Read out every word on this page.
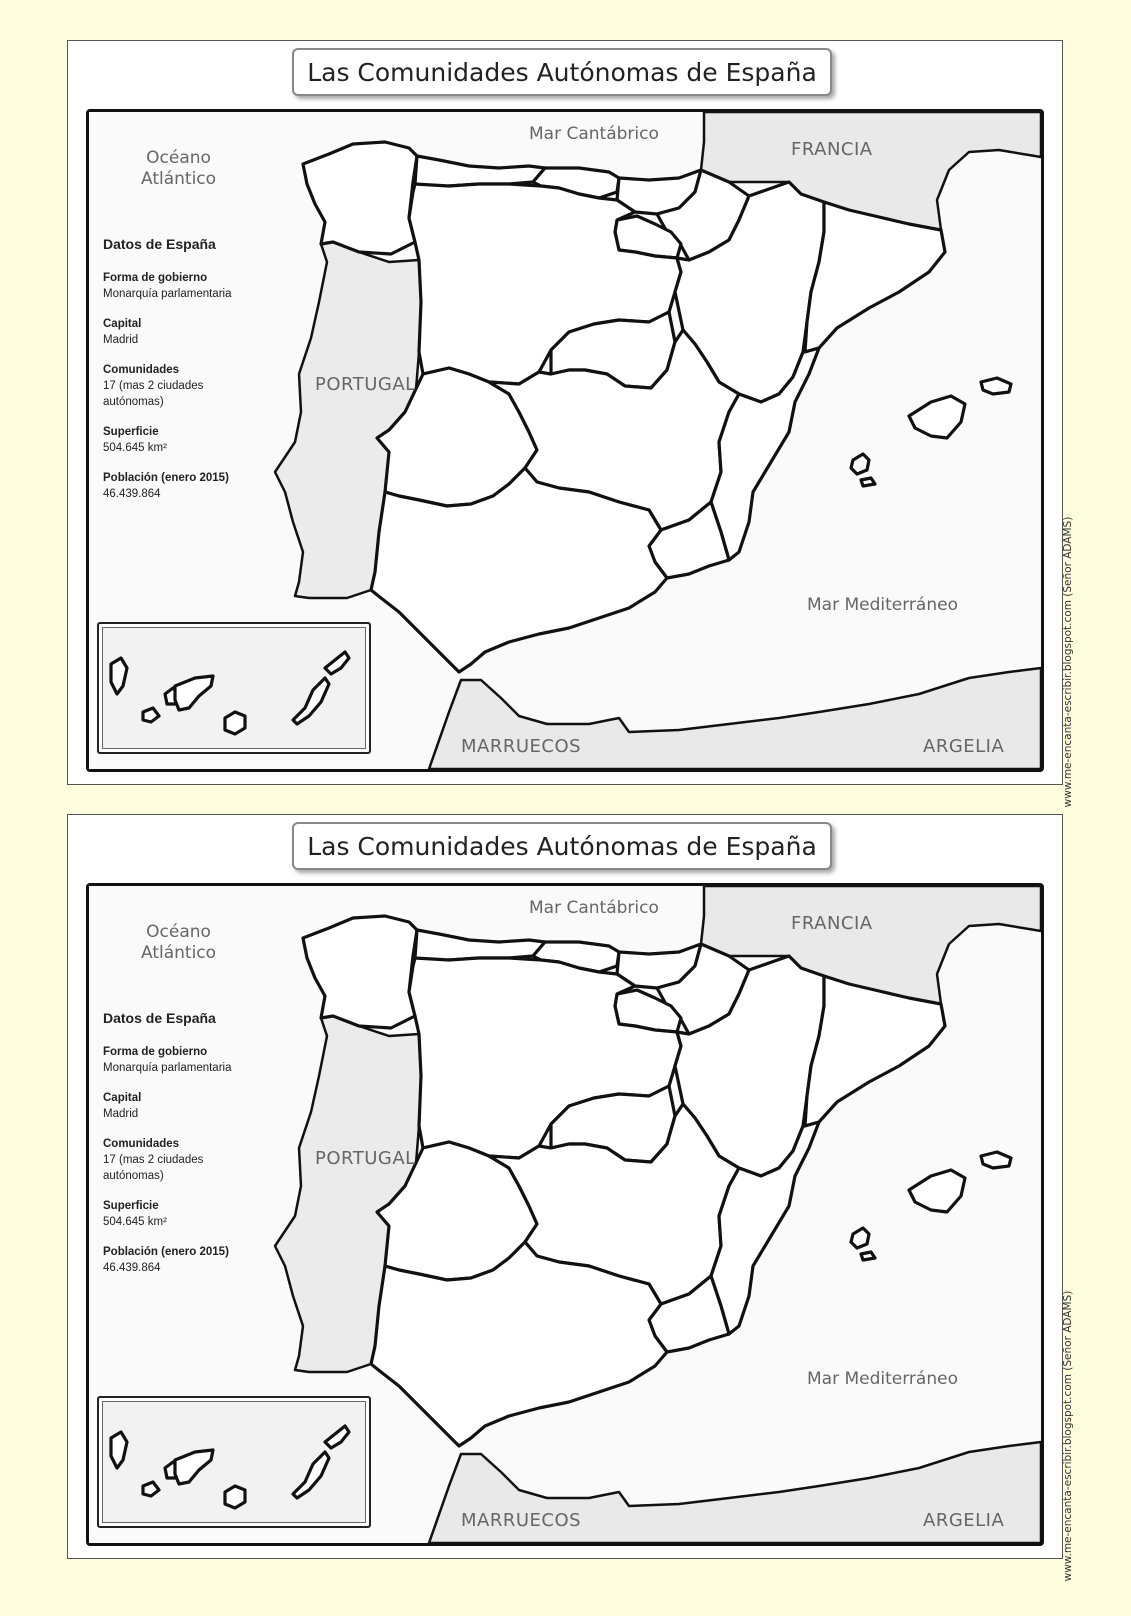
Las Comunidades Autónomas de España
Océano
Atlántico
Mar Cantábrico
FRANCIA
PORTUGAL
Mar Mediterráneo
MARRUECOS	ARGELIA
Datos de España
Forma de gobierno
Monarquía parlamentaria
Capital
Madrid
Comunidades
17 (mas 2 ciudades
autónomas)
Superficie
504.645 km²
Población (enero 2015)
46.439.864
www.me-encanta-escribir.blogspot.com (Señor ADAMS)
Las Comunidades Autónomas de España
Océano
Atlántico
Mar Cantábrico
FRANCIA
PORTUGAL
Mar Mediterráneo
MARRUECOS	ARGELIA
Datos de España
Forma de gobierno
Monarquía parlamentaria
Capital
Madrid
Comunidades
17 (mas 2 ciudades
autónomas)
Superficie
504.645 km²
Población (enero 2015)
46.439.864
www.me-encanta-escribir.blogspot.com (Señor ADAMS)
